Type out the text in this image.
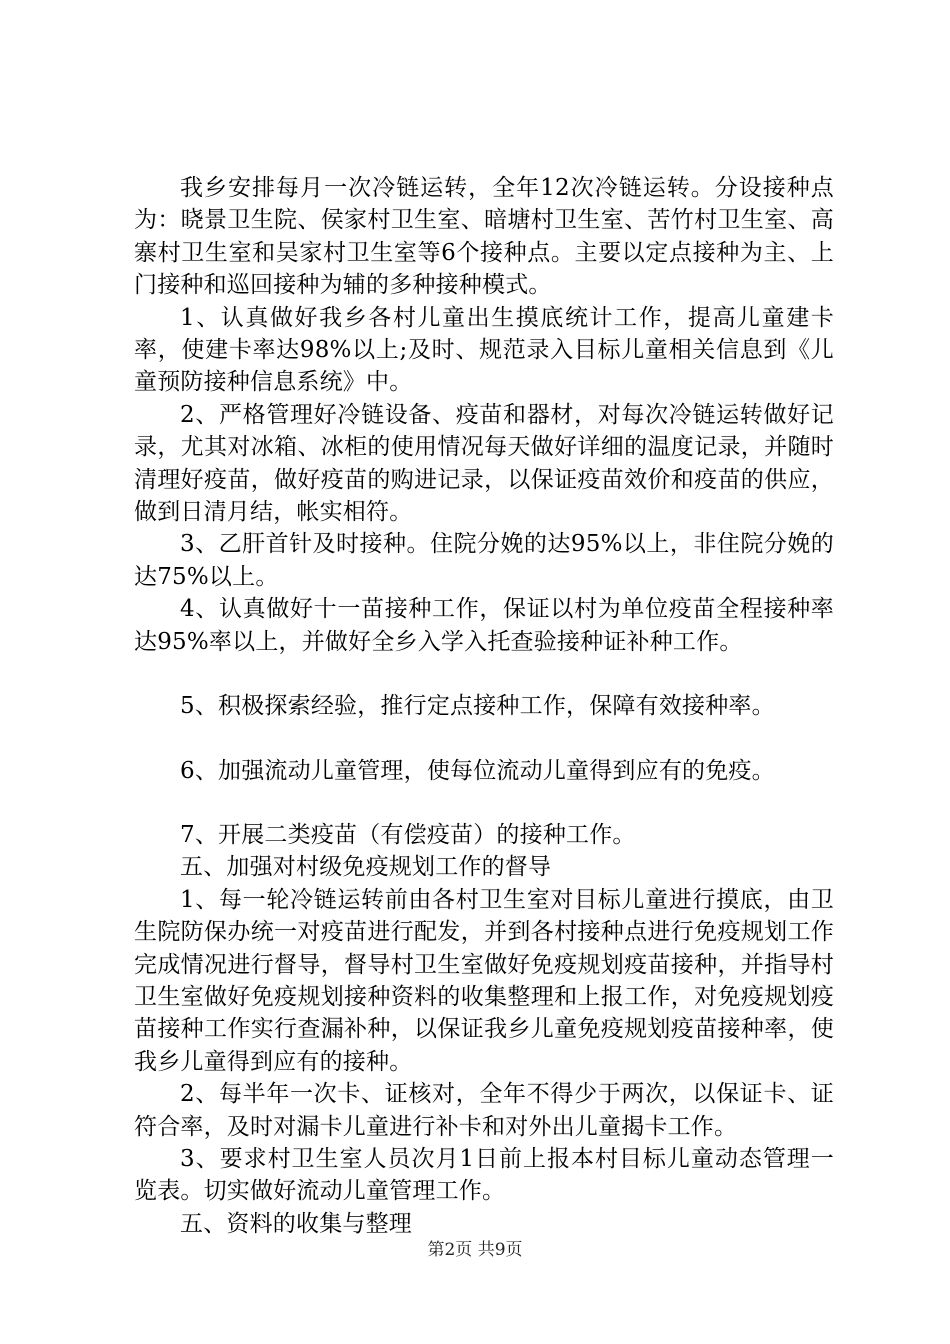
我乡安排每月一次冷链运转，全年12次冷链运转。分设接种点为：晓景卫生院、侯家村卫生室、暗塘村卫生室、苦竹村卫生室、高寨村卫生室和吴家村卫生室等6个接种点。主要以定点接种为主、上门接种和巡回接种为辅的多种接种模式。

1、认真做好我乡各村儿童出生摸底统计工作，提高儿童建卡率，使建卡率达98%以上;及时、规范录入目标儿童相关信息到《儿童预防接种信息系统》中。

2、严格管理好冷链设备、疫苗和器材，对每次冷链运转做好记录，尤其对冰箱、冰柜的使用情况每天做好详细的温度记录，并随时清理好疫苗，做好疫苗的购进记录，以保证疫苗效价和疫苗的供应，做到日清月结，帐实相符。

3、乙肝首针及时接种。住院分娩的达95%以上，非住院分娩的达75%以上。

4、认真做好十一苗接种工作，保证以村为单位疫苗全程接种率达95%率以上，并做好全乡入学入托查验接种证补种工作。

5、积极探索经验，推行定点接种工作，保障有效接种率。

6、加强流动儿童管理，使每位流动儿童得到应有的免疫。

7、开展二类疫苗（有偿疫苗）的接种工作。

五、加强对村级免疫规划工作的督导

1、每一轮冷链运转前由各村卫生室对目标儿童进行摸底，由卫生院防保办统一对疫苗进行配发，并到各村接种点进行免疫规划工作完成情况进行督导，督导村卫生室做好免疫规划疫苗接种，并指导村卫生室做好免疫规划接种资料的收集整理和上报工作，对免疫规划疫苗接种工作实行查漏补种，以保证我乡儿童免疫规划疫苗接种率，使我乡儿童得到应有的接种。

2、每半年一次卡、证核对，全年不得少于两次，以保证卡、证符合率，及时对漏卡儿童进行补卡和对外出儿童揭卡工作。

3、要求村卫生室人员次月1日前上报本村目标儿童动态管理一览表。切实做好流动儿童管理工作。

五、资料的收集与整理

第2页 共9页
